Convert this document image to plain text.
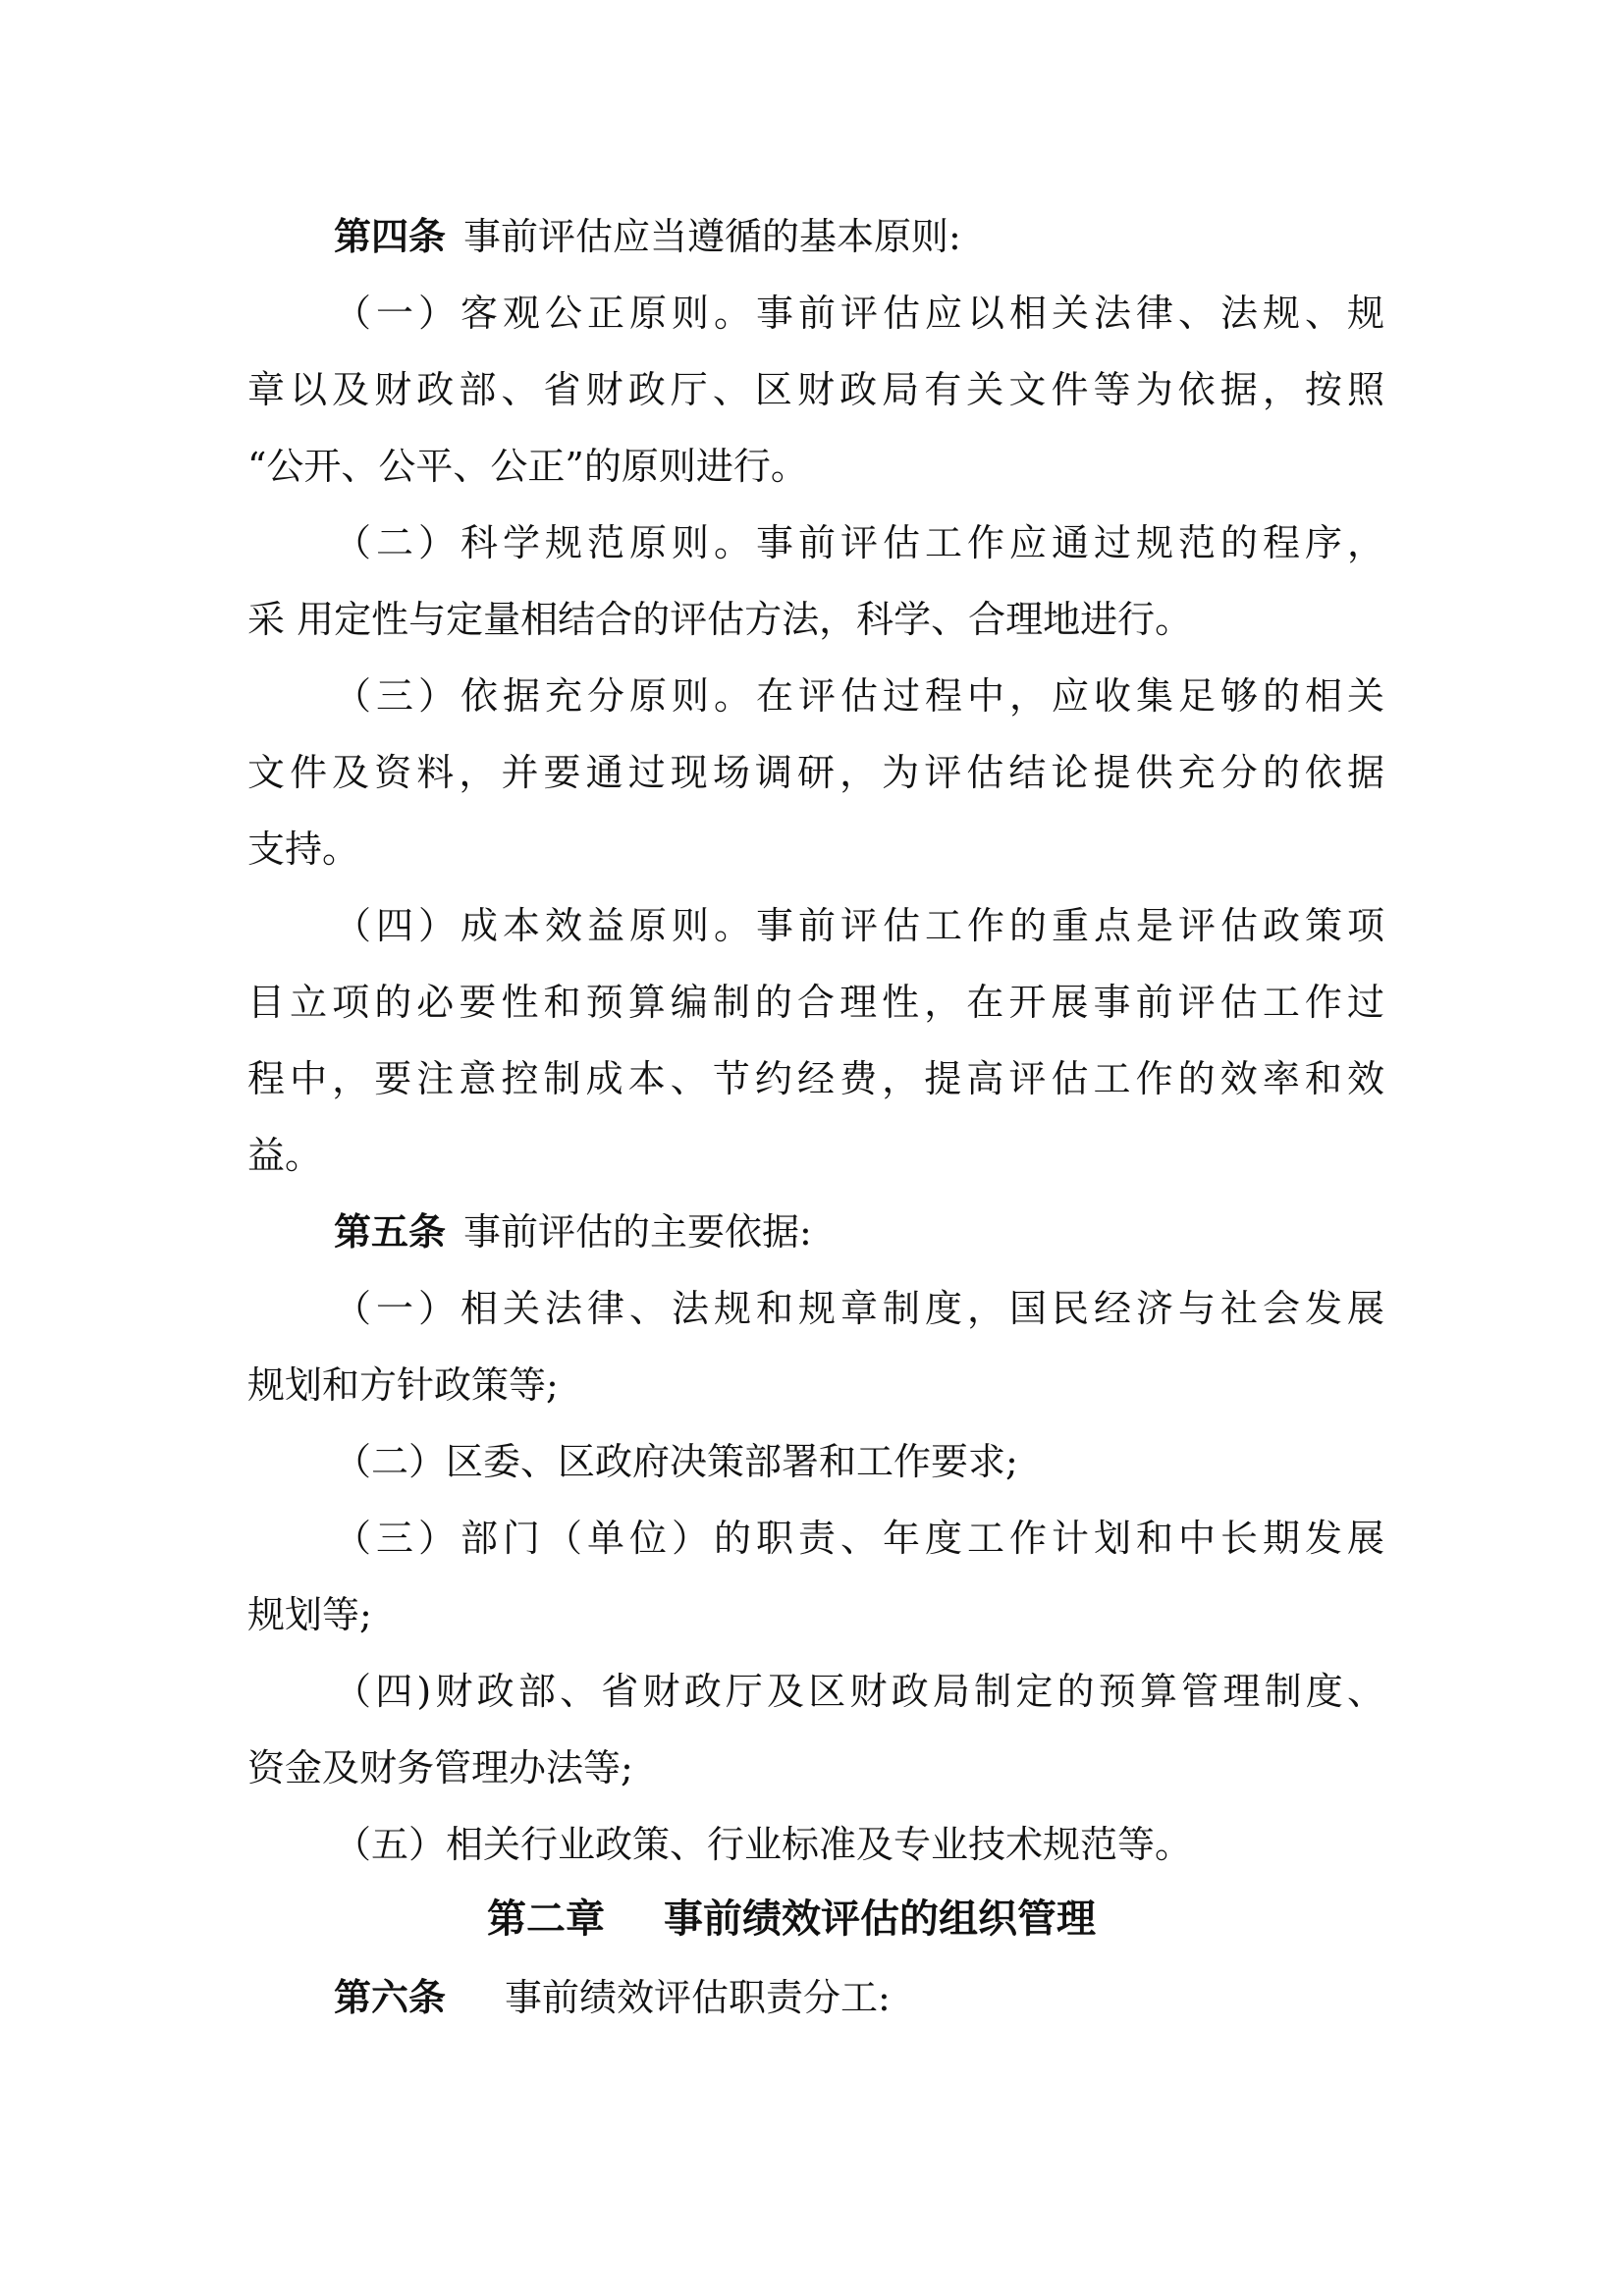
第四条 事前评估应当遵循的基本原则:
（一）客观公正原则。事前评估应以相关法律、法规、规
章以及财政部、省财政厅、区财政局有关文件等为依据，按照
“公开、公平、公正”的原则进行。
（二）科学规范原则。事前评估工作应通过规范的程序，
采 用定性与定量相结合的评估方法，科学、合理地进行。
（三）依据充分原则。在评估过程中，应收集足够的相关
文件及资料，并要通过现场调研，为评估结论提供充分的依据
支持。
（四）成本效益原则。事前评估工作的重点是评估政策项
目立项的必要性和预算编制的合理性，在开展事前评估工作过
程中，要注意控制成本、节约经费，提高评估工作的效率和效
益。
第五条 事前评估的主要依据:
（一）相关法律、法规和规章制度，国民经济与社会发展
规划和方针政策等;
（二）区委、区政府决策部署和工作要求;
（三）部门（单位）的职责、年度工作计划和中长期发展
规划等;
（四)财政部、省财政厅及区财政局制定的预算管理制度、
资金及财务管理办法等;
（五）相关行业政策、行业标准及专业技术规范等。
第二章 事前绩效评估的组织管理
第六条 事前绩效评估职责分工:
